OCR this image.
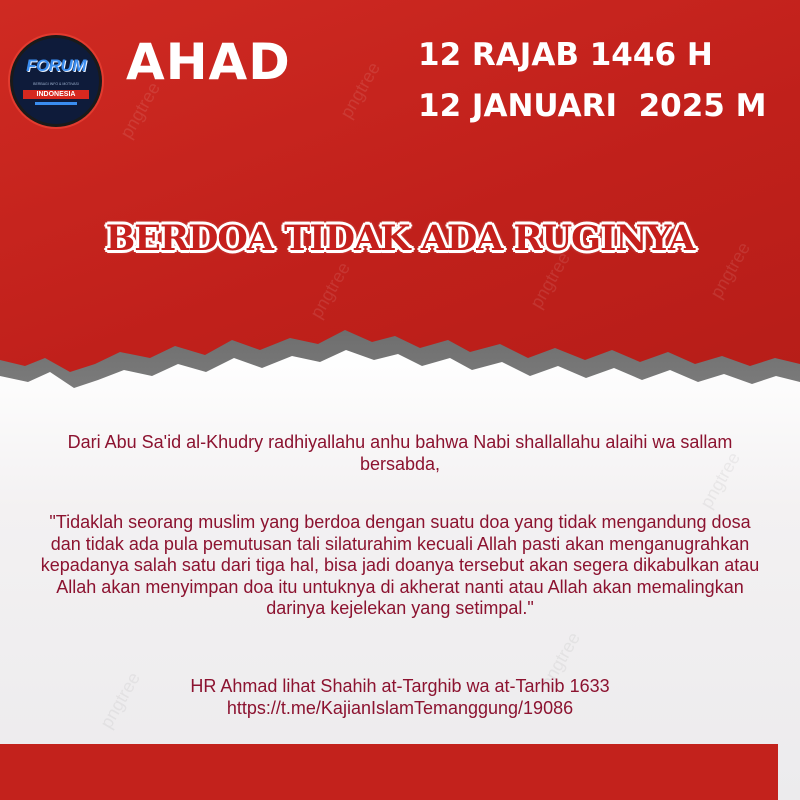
pngtree	pngtree
pngtree	pngtree
pngtree
pngtree
pngtree
pngtree
FORUM
BERBAGI INFO & MOTIVASI
INDONESIA
AHAD	12 RAJAB 1446 H
12 JANUARI  2025 M
BERDOA TIDAK ADA RUGINYA
Dari Abu Sa'id al-Khudry radhiyallahu anhu bahwa Nabi shallallahu alaihi wa sallam bersabda,
"Tidaklah seorang muslim yang berdoa dengan suatu doa yang tidak mengandung dosa dan tidak ada pula pemutusan tali silaturahim kecuali Allah pasti akan menganugrahkan kepadanya salah satu dari tiga hal, bisa jadi doanya tersebut akan segera dikabulkan atau Allah akan menyimpan doa itu untuknya di akherat nanti atau Allah akan memalingkan darinya kejelekan yang setimpal."
HR Ahmad lihat Shahih at-Targhib wa at-Tarhib 1633
https://t.me/KajianIslamTemanggung/19086
